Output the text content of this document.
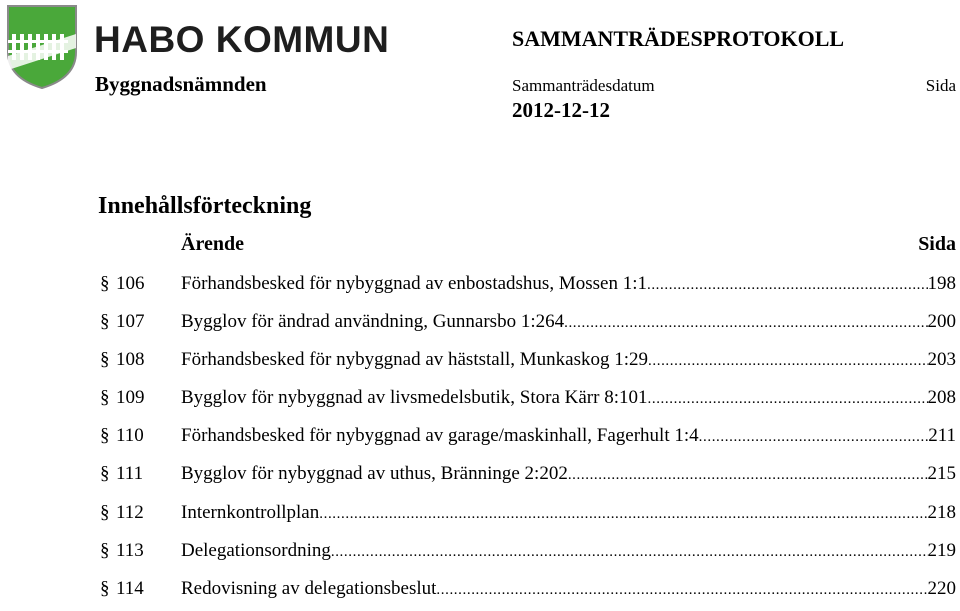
HABO KOMMUN
Byggnadsnämnden
SAMMANTRÄDESPROTOKOLL
Sammanträdesdatum	Sida
2012-12-12
Innehållsförteckning
Ärende	Sida
§ 106 Förhandsbesked för nybyggnad av enbostadshus, Mossen 1:1 .....	198
§ 107 Bygglov för ändrad användning, Gunnarsbo 1:264 .....	200
§ 108 Förhandsbesked för nybyggnad av häststall, Munkaskog 1:29 .....	203
§ 109 Bygglov för nybyggnad av livsmedelsbutik, Stora Kärr 8:101 .....	208
§ 110 Förhandsbesked för nybyggnad av garage/maskinhall, Fagerhult 1:4 .....	211
§ 111 Bygglov för nybyggnad av uthus, Bränninge 2:202 .....	215
§ 112 Internkontrollplan .....	218
§ 113 Delegationsordning .....	219
§ 114 Redovisning av delegationsbeslut .....	220
